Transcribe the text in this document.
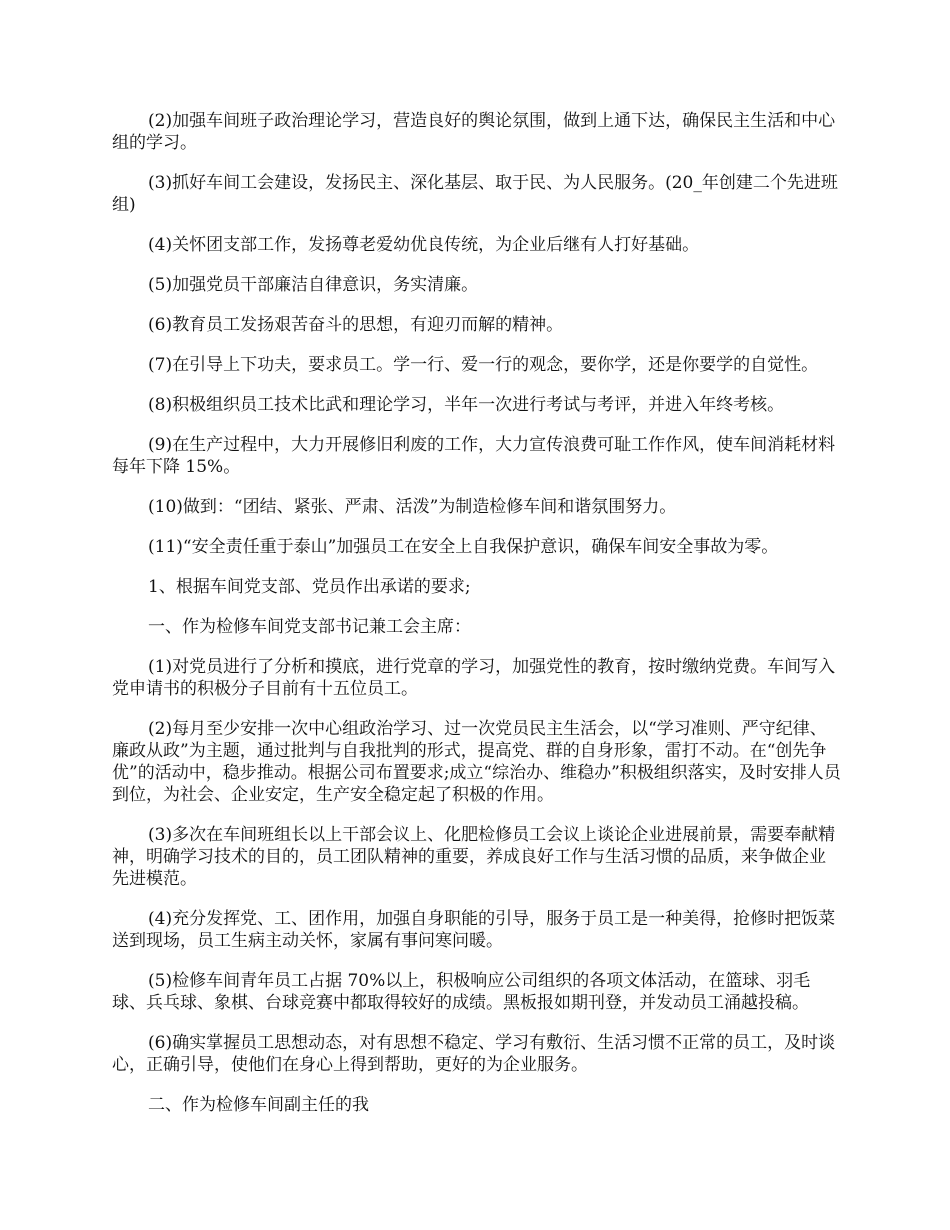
(2)加强车间班子政治理论学习，营造良好的舆论氛围，做到上通下达，确保民主生活和中心组的学习。

(3)抓好车间工会建设，发扬民主、深化基层、取于民、为人民服务。(20_年创建二个先进班组)

(4)关怀团支部工作，发扬尊老爱幼优良传统，为企业后继有人打好基础。

(5)加强党员干部廉洁自律意识，务实清廉。

(6)教育员工发扬艰苦奋斗的思想，有迎刃而解的精神。

(7)在引导上下功夫，要求员工。学一行、爱一行的观念，要你学，还是你要学的自觉性。

(8)积极组织员工技术比武和理论学习，半年一次进行考试与考评，并进入年终考核。

(9)在生产过程中，大力开展修旧利废的工作，大力宣传浪费可耻工作作风，使车间消耗材料每年下降 15%。

(10)做到：“团结、紧张、严肃、活泼”为制造检修车间和谐氛围努力。

(11)“安全责任重于泰山”加强员工在安全上自我保护意识，确保车间安全事故为零。

1、根据车间党支部、党员作出承诺的要求;

一、作为检修车间党支部书记兼工会主席：

(1)对党员进行了分析和摸底，进行党章的学习，加强党性的教育，按时缴纳党费。车间写入党申请书的积极分子目前有十五位员工。

(2)每月至少安排一次中心组政治学习、过一次党员民主生活会，以“学习准则、严守纪律、廉政从政”为主题，通过批判与自我批判的形式，提高党、群的自身形象，雷打不动。在“创先争优”的活动中，稳步推动。根据公司布置要求;成立“综治办、维稳办”积极组织落实，及时安排人员到位，为社会、企业安定，生产安全稳定起了积极的作用。

(3)多次在车间班组长以上干部会议上、化肥检修员工会议上谈论企业进展前景，需要奉献精神，明确学习技术的目的，员工团队精神的重要，养成良好工作与生活习惯的品质，来争做企业先进模范。

(4)充分发挥党、工、团作用，加强自身职能的引导，服务于员工是一种美得，抢修时把饭菜送到现场，员工生病主动关怀，家属有事问寒问暖。

(5)检修车间青年员工占据 70%以上，积极响应公司组织的各项文体活动，在篮球、羽毛球、兵乓球、象棋、台球竞赛中都取得较好的成绩。黑板报如期刊登，并发动员工涌越投稿。

(6)确实掌握员工思想动态，对有思想不稳定、学习有敷衍、生活习惯不正常的员工，及时谈心，正确引导，使他们在身心上得到帮助，更好的为企业服务。

二、作为检修车间副主任的我
